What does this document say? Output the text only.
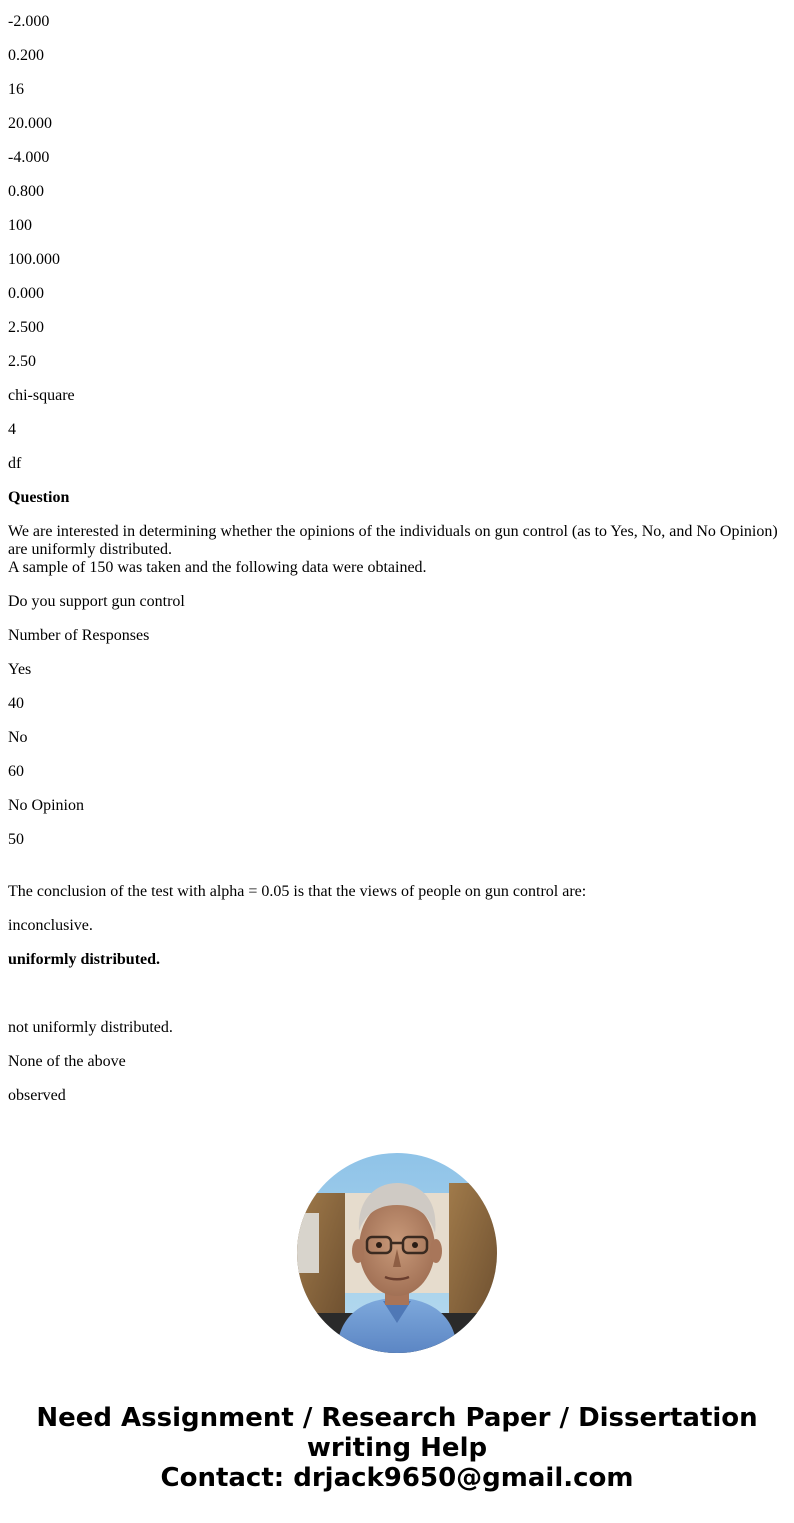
-2.000

0.200

16

20.000

-4.000

0.800

100

100.000

0.000

2.500

2.50

chi-square

4

df

Question

We are interested in determining whether the opinions of the individuals on gun control (as to Yes, No, and No Opinion) are uniformly distributed.
A sample of 150 was taken and the following data were obtained.

Do you support gun control

Number of Responses

Yes

40

No

60

No Opinion

50

The conclusion of the test with alpha = 0.05 is that the views of people on gun control are:

inconclusive.

uniformly distributed.

not uniformly distributed.

None of the above

observed

Need Assignment / Research Paper / Dissertation
writing Help
Contact: drjack9650@gmail.com
